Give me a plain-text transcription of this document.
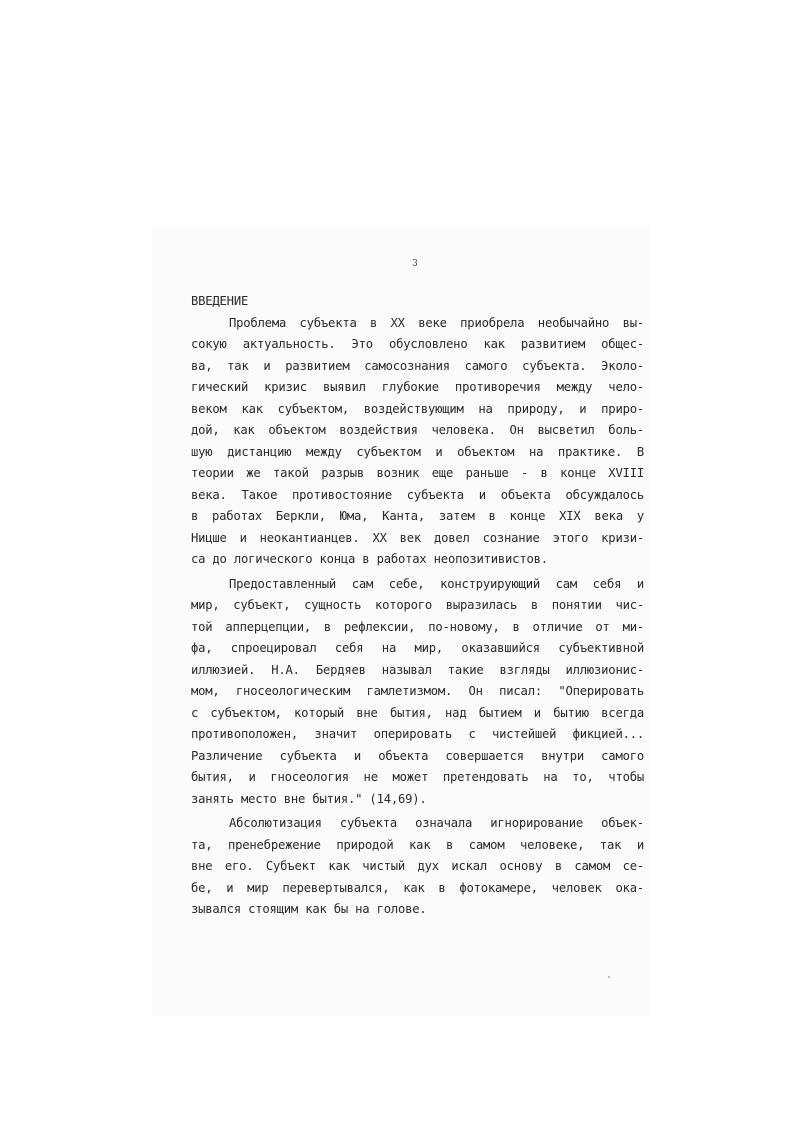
3
ВВЕДЕНИЕ
Проблема субъекта в XX веке приобрела необычайно вы-
сокую актуальность. Это обусловлено как развитием общес-
ва, так и развитием самосознания самого субъекта. Эколо-
гический кризис выявил глубокие противоречия между чело-
веком как субъектом, воздействующим на природу, и приро-
дой, как объектом воздействия человека. Он высветил боль-
шую дистанцию между субъектом и объектом на практике. В
теории же такой разрыв возник еще раньше - в конце XVIII
века. Такое противостояние субъекта и объекта обсуждалось
в работах Беркли, Юма, Канта, затем в конце XIX века у
Ницше и неокантианцев. XX век довел сознание этого кризи-
са до логического конца в работах неопозитивистов.
Предоставленный сам себе, конструирующий сам себя и
мир, субъект, сущность которого выразилась в понятии чис-
той апперцепции, в рефлексии, по-новому, в отличие от ми-
фа, спроецировал себя на мир, оказавшийся субъективной
иллюзией. Н.А. Бердяев называл такие взгляды иллюзионис-
мом, гносеологическим гамлетизмом. Он писал: "Оперировать
с субъектом, который вне бытия, над бытием и бытию всегда
противоположен, значит оперировать с чистейшей фикцией...
Различение субъекта и объекта совершается внутри самого
бытия, и гносеология не может претендовать на то, чтобы
занять место вне бытия." (14,69).
Абсолютизация субъекта означала игнорирование объек-
та, пренебрежение природой как в самом человеке, так и
вне его. Субъект как чистый дух искал основу в самом се-
бе, и мир перевертывался, как в фотокамере, человек ока-
зывался стоящим как бы на голове.
